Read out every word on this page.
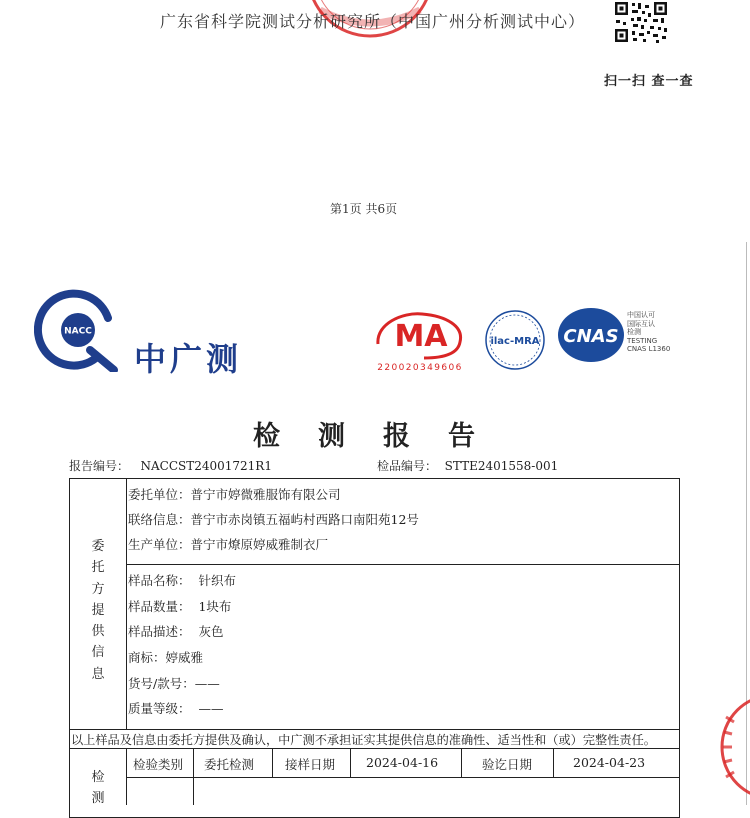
广东省科学院测试分析研究所（中国广州分析测试中心）
扫一扫 查一查
第1页 共6页
NACC
中广测
MA
220020349606
ilac-MRA CNAS
中国认可
国际互认
检测
TESTING
CNAS L1360
检测报告
报告编号： NACCST24001721R1	检品编号： STTE2401558-001
委托方提供信息
委托单位：普宁市婷微雅服饰有限公司
联络信息：普宁市赤岗镇五福屿村西路口南阳苑12号
生产单位：普宁市燎原婷威雅制衣厂
样品名称： 针织布
样品数量： 1块布
样品描述： 灰色
商标：婷威雅
货号/款号：——
质量等级： ——
以上样品及信息由委托方提供及确认，中广测不承担证实其提供信息的准确性、适当性和（或）完整性责任。
检测
检验类别 委托检测 接样日期 2024-04-16	验讫日期	2024-04-23
